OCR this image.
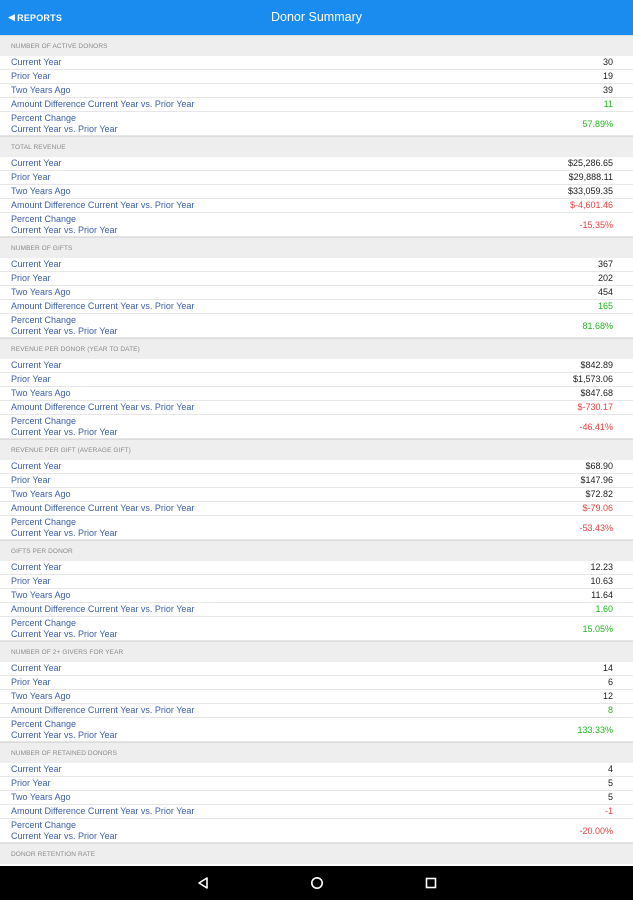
◀ REPORTS	Donor Summary
NUMBER OF ACTIVE DONORS
Current Year	30
Prior Year	19
Two Years Ago	39
Amount Difference Current Year vs. Prior Year	11
Percent Change
Current Year vs. Prior Year	57.89%
TOTAL REVENUE
Current Year	$25,286.65
Prior Year	$29,888.11
Two Years Ago	$33,059.35
Amount Difference Current Year vs. Prior Year	$-4,601.46
Percent Change
Current Year vs. Prior Year	-15.35%
NUMBER OF GIFTS
Current Year	367
Prior Year	202
Two Years Ago	454
Amount Difference Current Year vs. Prior Year	165
Percent Change
Current Year vs. Prior Year	81.68%
REVENUE PER DONOR (YEAR TO DATE)
Current Year	$842.89
Prior Year	$1,573.06
Two Years Ago	$847.68
Amount Difference Current Year vs. Prior Year	$-730.17
Percent Change
Current Year vs. Prior Year	-46.41%
REVENUE PER GIFT (AVERAGE GIFT)
Current Year	$68.90
Prior Year	$147.96
Two Years Ago	$72.82
Amount Difference Current Year vs. Prior Year	$-79.06
Percent Change
Current Year vs. Prior Year	-53.43%
GIFTS PER DONOR
Current Year	12.23
Prior Year	10.63
Two Years Ago	11.64
Amount Difference Current Year vs. Prior Year	1.60
Percent Change
Current Year vs. Prior Year	15.05%
NUMBER OF 2+ GIVERS FOR YEAR
Current Year	14
Prior Year	6
Two Years Ago	12
Amount Difference Current Year vs. Prior Year	8
Percent Change
Current Year vs. Prior Year	133.33%
NUMBER OF RETAINED DONORS
Current Year	4
Prior Year	5
Two Years Ago	5
Amount Difference Current Year vs. Prior Year	-1
Percent Change
Current Year vs. Prior Year	-20.00%
DONOR RETENTION RATE
